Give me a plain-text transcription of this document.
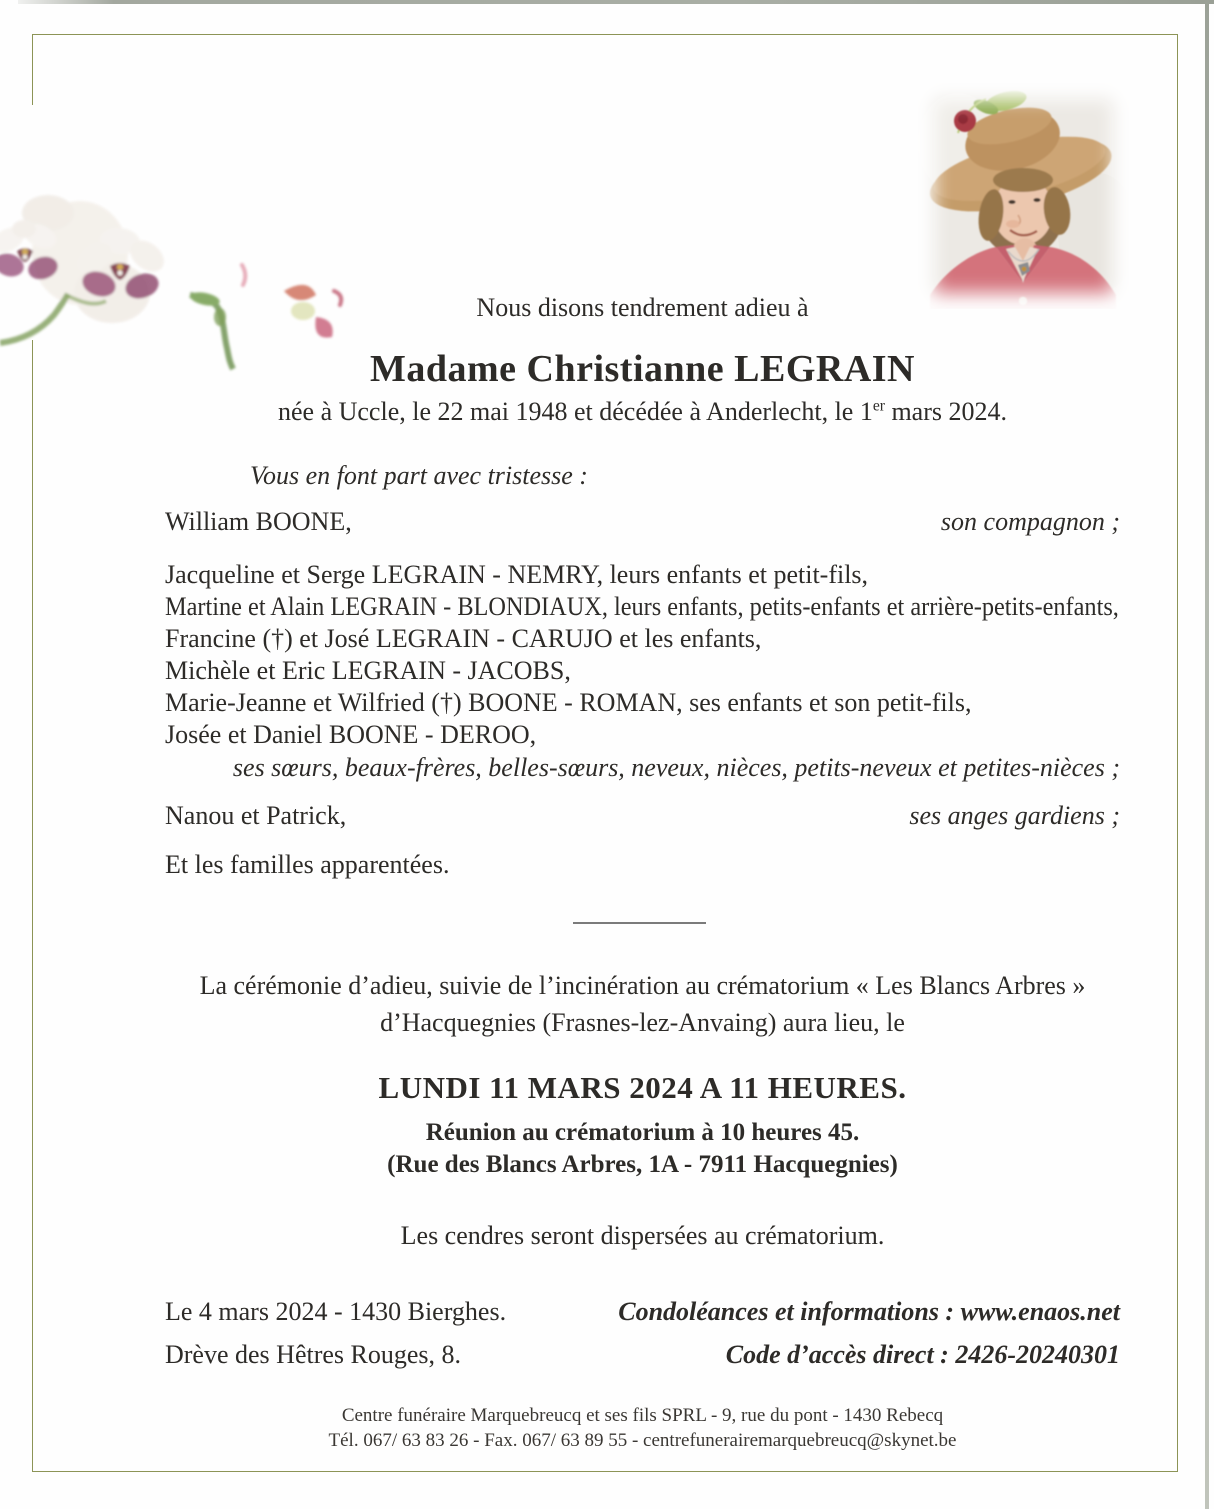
Nous disons tendrement adieu à
Madame Christianne LEGRAIN
née à Uccle, le 22 mai 1948 et décédée à Anderlecht, le 1er mars 2024.
Vous en font part avec tristesse :
William BOONE,	son compagnon ;
Jacqueline et Serge LEGRAIN - NEMRY, leurs enfants et petit-fils,
Martine et Alain LEGRAIN - BLONDIAUX, leurs enfants, petits-enfants et arrière-petits-enfants,
Francine (†) et José LEGRAIN - CARUJO et les enfants,
Michèle et Eric LEGRAIN - JACOBS,
Marie-Jeanne et Wilfried (†) BOONE - ROMAN, ses enfants et son petit-fils,
Josée et Daniel BOONE - DEROO,
ses sœurs, beaux-frères, belles-sœurs, neveux, nièces, petits-neveux et petites-nièces ;
Nanou et Patrick,	ses anges gardiens ;
Et les familles apparentées.
La cérémonie d’adieu, suivie de l’incinération au crématorium « Les Blancs Arbres »
d’Hacquegnies (Frasnes-lez-Anvaing) aura lieu, le
LUNDI 11 MARS 2024 A 11 HEURES.
Réunion au crématorium à 10 heures 45.
(Rue des Blancs Arbres, 1A - 7911 Hacquegnies)
Les cendres seront dispersées au crématorium.
Le 4 mars 2024 - 1430 Bierghes.
Drève des Hêtres Rouges, 8.
Condoléances et informations : www.enaos.net
Code d’accès direct : 2426-20240301
Centre funéraire Marquebreucq et ses fils SPRL - 9, rue du pont - 1430 Rebecq
Tél. 067/ 63 83 26 - Fax. 067/ 63 89 55 - centrefunerairemarquebreucq@skynet.be
